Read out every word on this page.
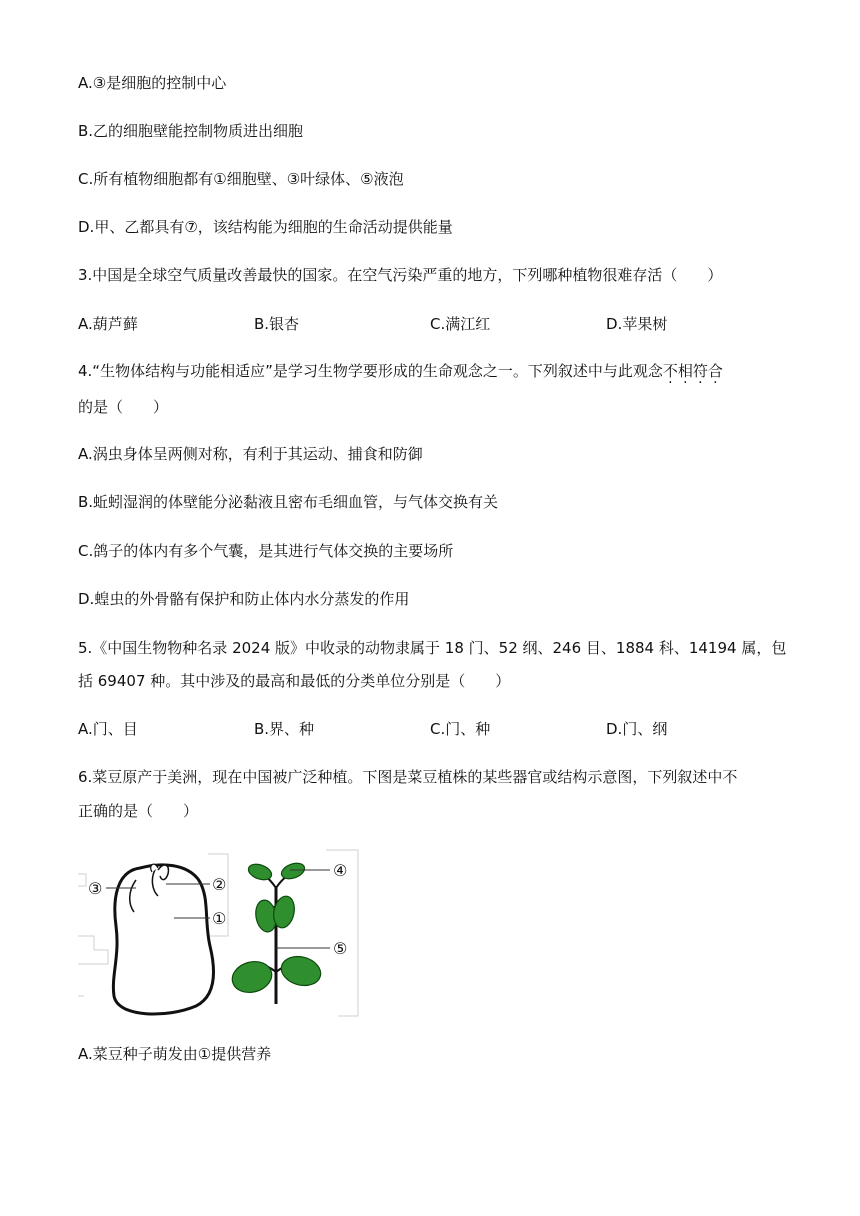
A.③是细胞的控制中心
B.乙的细胞壁能控制物质进出细胞
C.所有植物细胞都有①细胞壁、③叶绿体、⑤液泡
D.甲、乙都具有⑦，该结构能为细胞的生命活动提供能量
3.中国是全球空气质量改善最快的国家。在空气污染严重的地方，下列哪种植物很难存活（　　）
A.葫芦藓	B.银杏	C.满江红	D.苹果树
4.“生物体结构与功能相适应”是学习生物学要形成的生命观念之一。下列叙述中与此观念不相符合
的是（　　）
A.涡虫身体呈两侧对称，有利于其运动、捕食和防御
B.蚯蚓湿润的体壁能分泌黏液且密布毛细血管，与气体交换有关
C.鸽子的体内有多个气囊，是其进行气体交换的主要场所
D.蝗虫的外骨骼有保护和防止体内水分蒸发的作用
5.《中国生物物种名录 2024 版》中收录的动物隶属于 18 门、52 纲、246 目、1884 科、14194 属，包
括 69407 种。其中涉及的最高和最低的分类单位分别是（　　）
A.门、目	B.界、种	C.门、种	D.门、纲
6.菜豆原产于美洲，现在中国被广泛种植。下图是菜豆植株的某些器官或结构示意图，下列叙述中不
正确的是（　　）
③	②
①
④
⑤
A.菜豆种子萌发由①提供营养
